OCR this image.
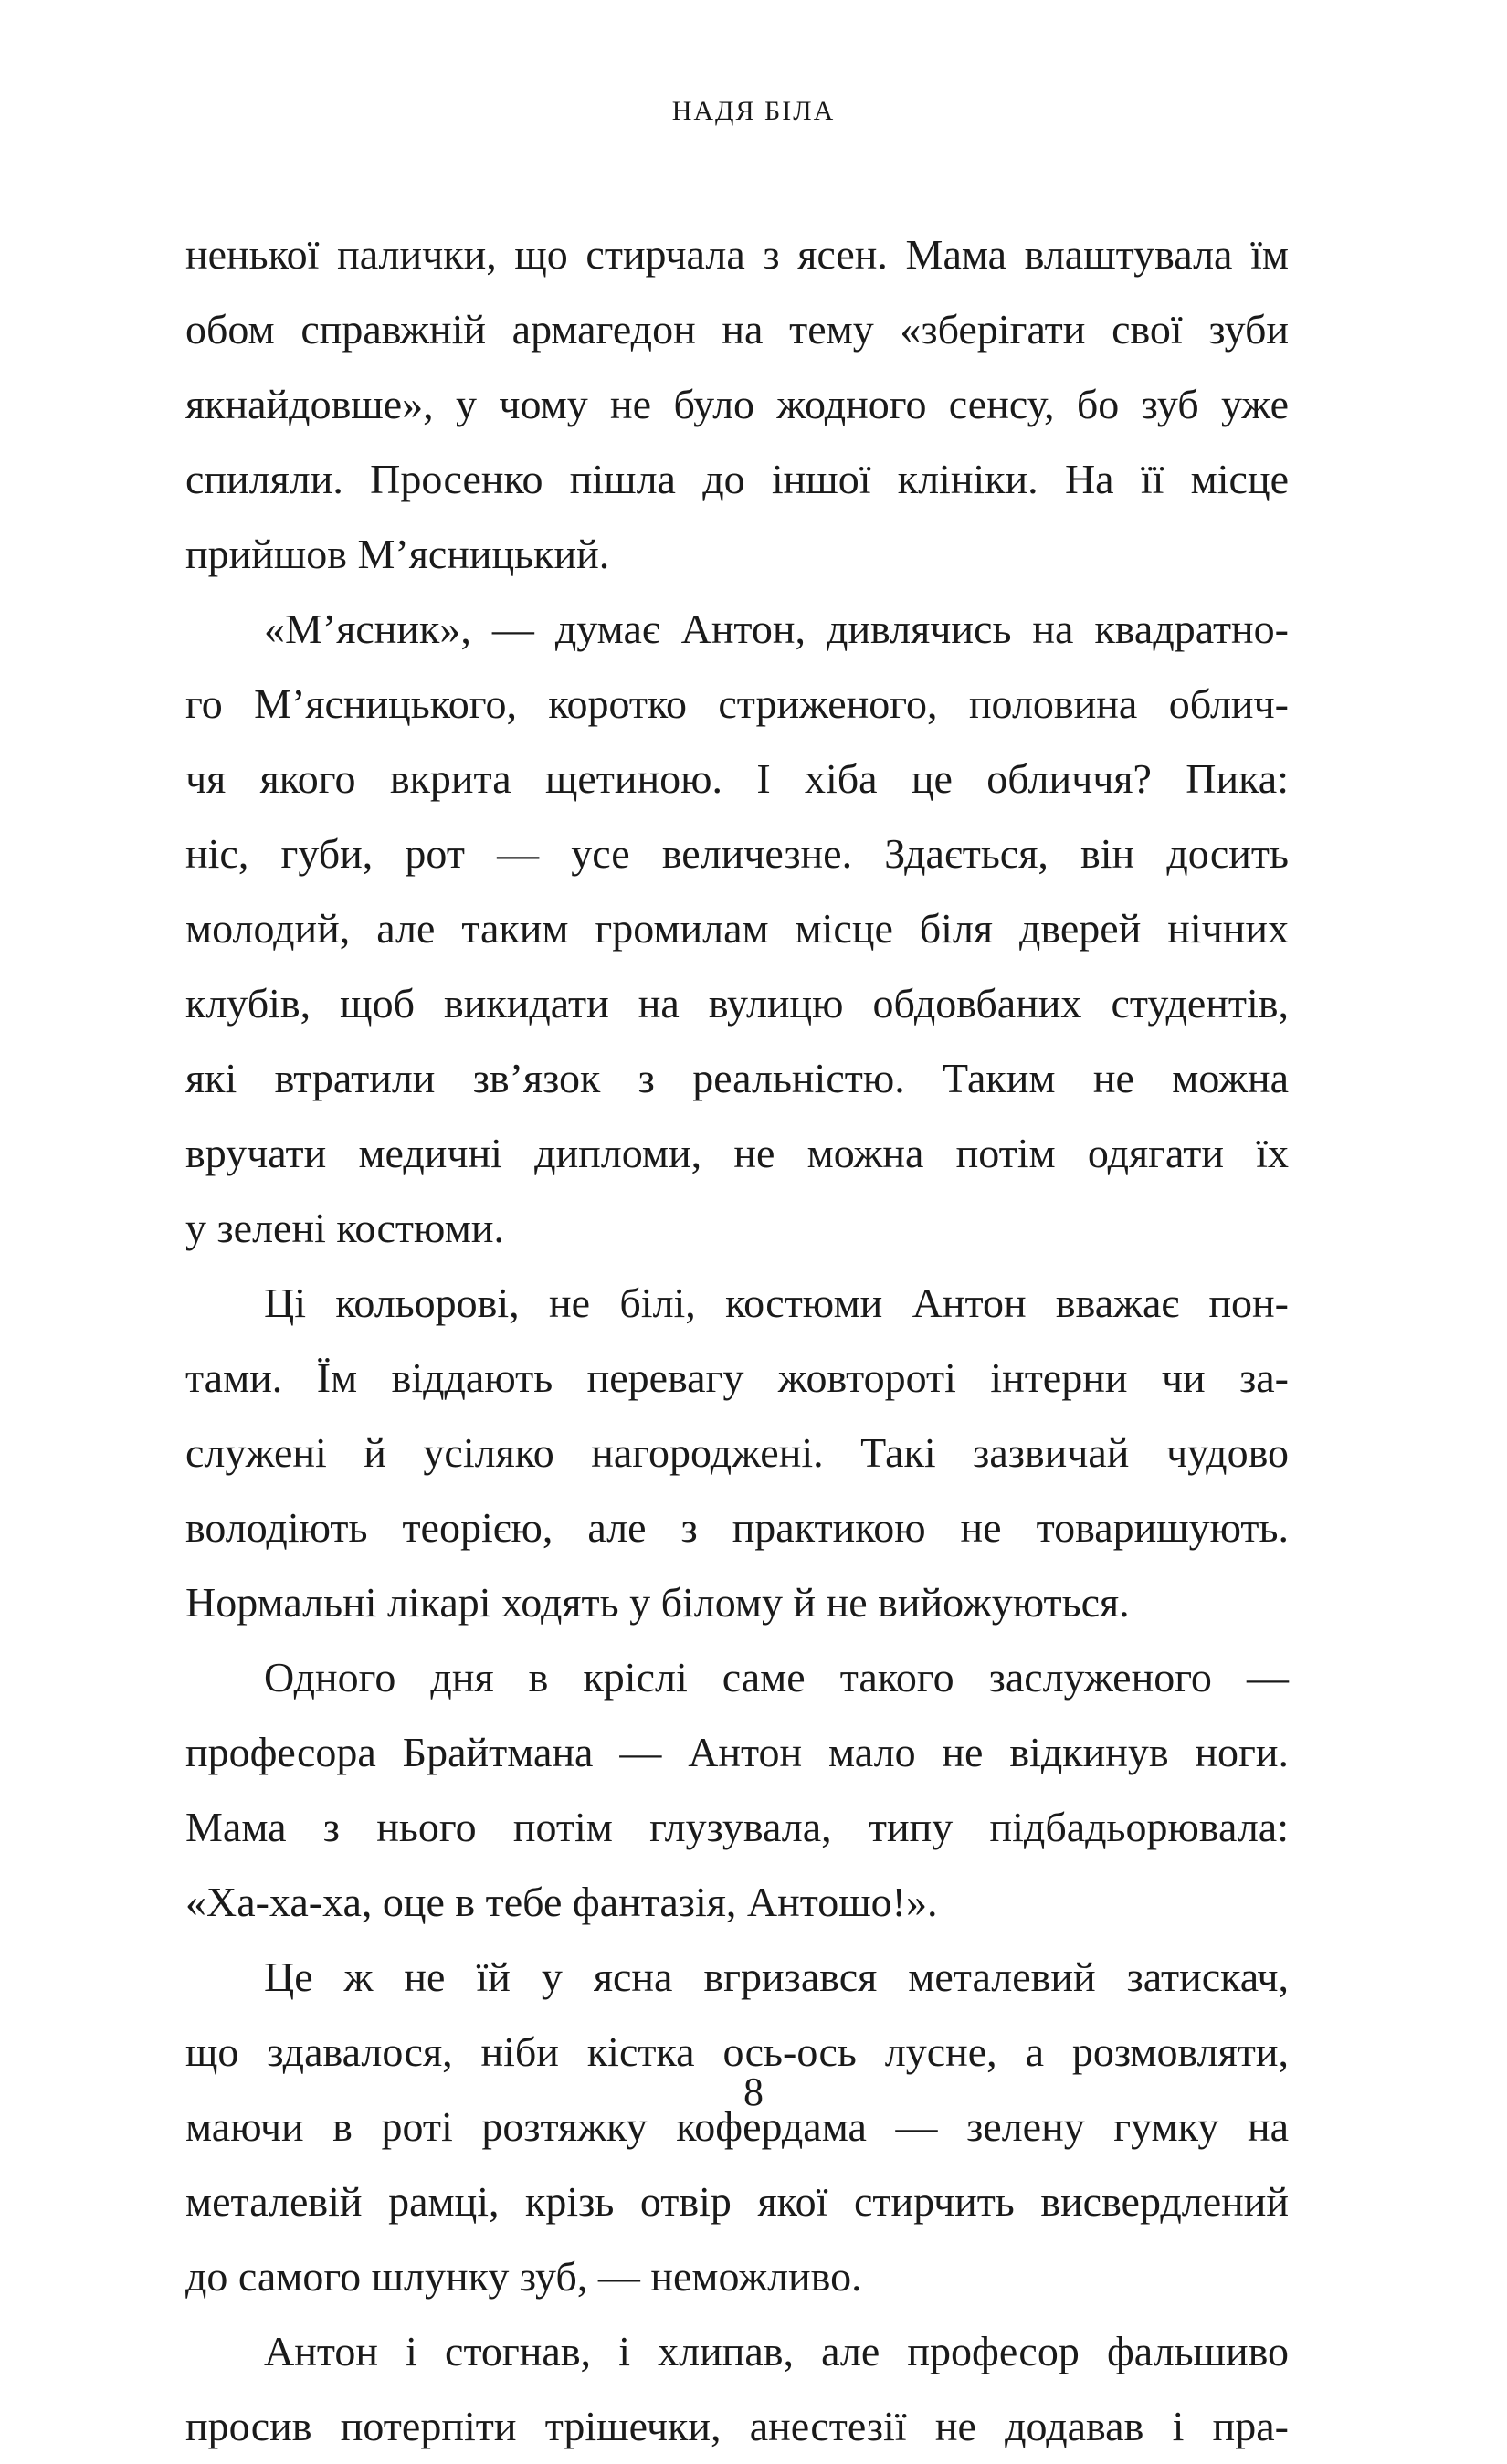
НАДЯ БІЛА
ненької палички, що стирчала з ясен. Мама влаштувала їм
обом справжній армагедон на тему «зберігати свої зуби
якнайдовше», у чому не було жодного сенсу, бо зуб уже
спиляли. Просенко пішла до іншої клініки. На її місце
прийшов М’ясницький.
«М’ясник», — думає Антон, дивлячись на квадратно-
го М’ясницького, коротко стриженого, половина облич-
чя якого вкрита щетиною. І хіба це обличчя? Пика:
ніс, губи, рот — усе величезне. Здається, він досить
молодий, але таким громилам місце біля дверей нічних
клубів, щоб викидати на вулицю обдовбаних студентів,
які втратили зв’язок з реальністю. Таким не можна
вручати медичні дипломи, не можна потім одягати їх
у зелені костюми.
Ці кольорові, не білі, костюми Антон вважає пон-
тами. Їм віддають перевагу жовтороті інтерни чи за-
служені й усіляко нагороджені. Такі зазвичай чудово
володіють теорією, але з практикою не товаришують.
Нормальні лікарі ходять у білому й не вийожуються.
Одного дня в кріслі саме такого заслуженого —
професора Брайтмана — Антон мало не відкинув ноги.
Мама з нього потім глузувала, типу підбадьорювала:
«Ха-ха-ха, оце в тебе фантазія, Антошо!».
Це ж не їй у ясна вгризався металевий затискач,
що здавалося, ніби кістка ось-ось лусне, а розмовляти,
маючи в роті розтяжку кофердама — зелену гумку на
металевій рамці, крізь отвір якої стирчить висвердлений
до самого шлунку зуб, — неможливо.
Антон і стогнав, і хлипав, але професор фальшиво
просив потерпіти трішечки, анестезії не додавав і пра-
8
